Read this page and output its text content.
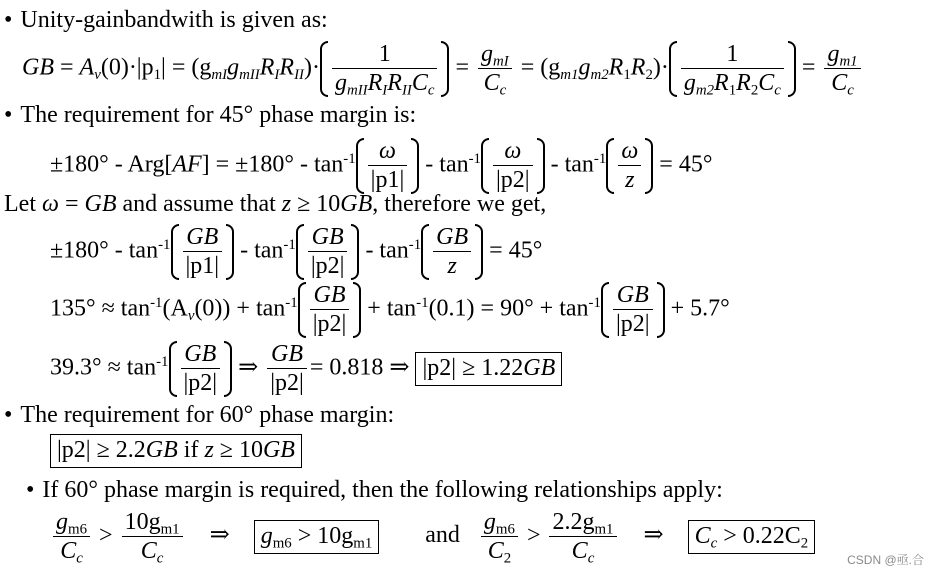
• Unity-gainbandwith is given as:
GB = $A_v(0)\cdot|p_1| = (g_{mI}g_{mII}R_IR_{II})\cdot$
1
$g_{mII}R_IR_{II}C_c$
=
$g_{mI}$
$C_c$
= $(g_{m1}g_{m2}R_1R_2)\cdot$
1
$g_{m2}R_1R_2C_c$
= $\frac{g_{m1}}{C_c}$
• The requirement for 45° phase margin is:
$\pm 180^\circ - Arg[AF] = \pm 180^\circ - \tan^{-1} \omega$
|p1|
- $\tan^{-1} \omega$
|p2|
- $\tan^{-1} \omega$
z
= 45°
Let ω = GB and assume that z ≥ 10GB, therefore we get,
$\pm 180^\circ - \tan^{-1}$ GB
|p1|
- $\tan^{-1}$ GB
|p2|
- $\tan^{-1}$ GB
z
= 45°
$135^\circ \approx \tan^{-1}(A_v(0)) + \tan^{-1}$ GB
|p2|
+ $\tan^{-1}(0.1) = 90^\circ + \tan^{-1}$ GB
|p2|
+ 5.7°
$39.3^\circ \approx \tan^{-1}$ GB
|p2|
⇒ $\frac{GB}{|p2|} = 0.818$ ⇒ |p2| ≥ 1.22GB
• The requirement for 60° phase margin:
|p2| ≥ 2.2GB if z ≥ 10GB
• If 60° phase margin is required, then the following relationships apply:
$\frac{g_{m6}}{C_c} > \frac{10g_{m1}}{C_c}$ ⇒ $g_{m6} > 10g_{m1}$ and $\frac{g_{m6}}{C_2} > \frac{2.2g_{m1}}{C_c}$ ⇒ $C_c > 0.22C_2$
CSDN @亟.合
